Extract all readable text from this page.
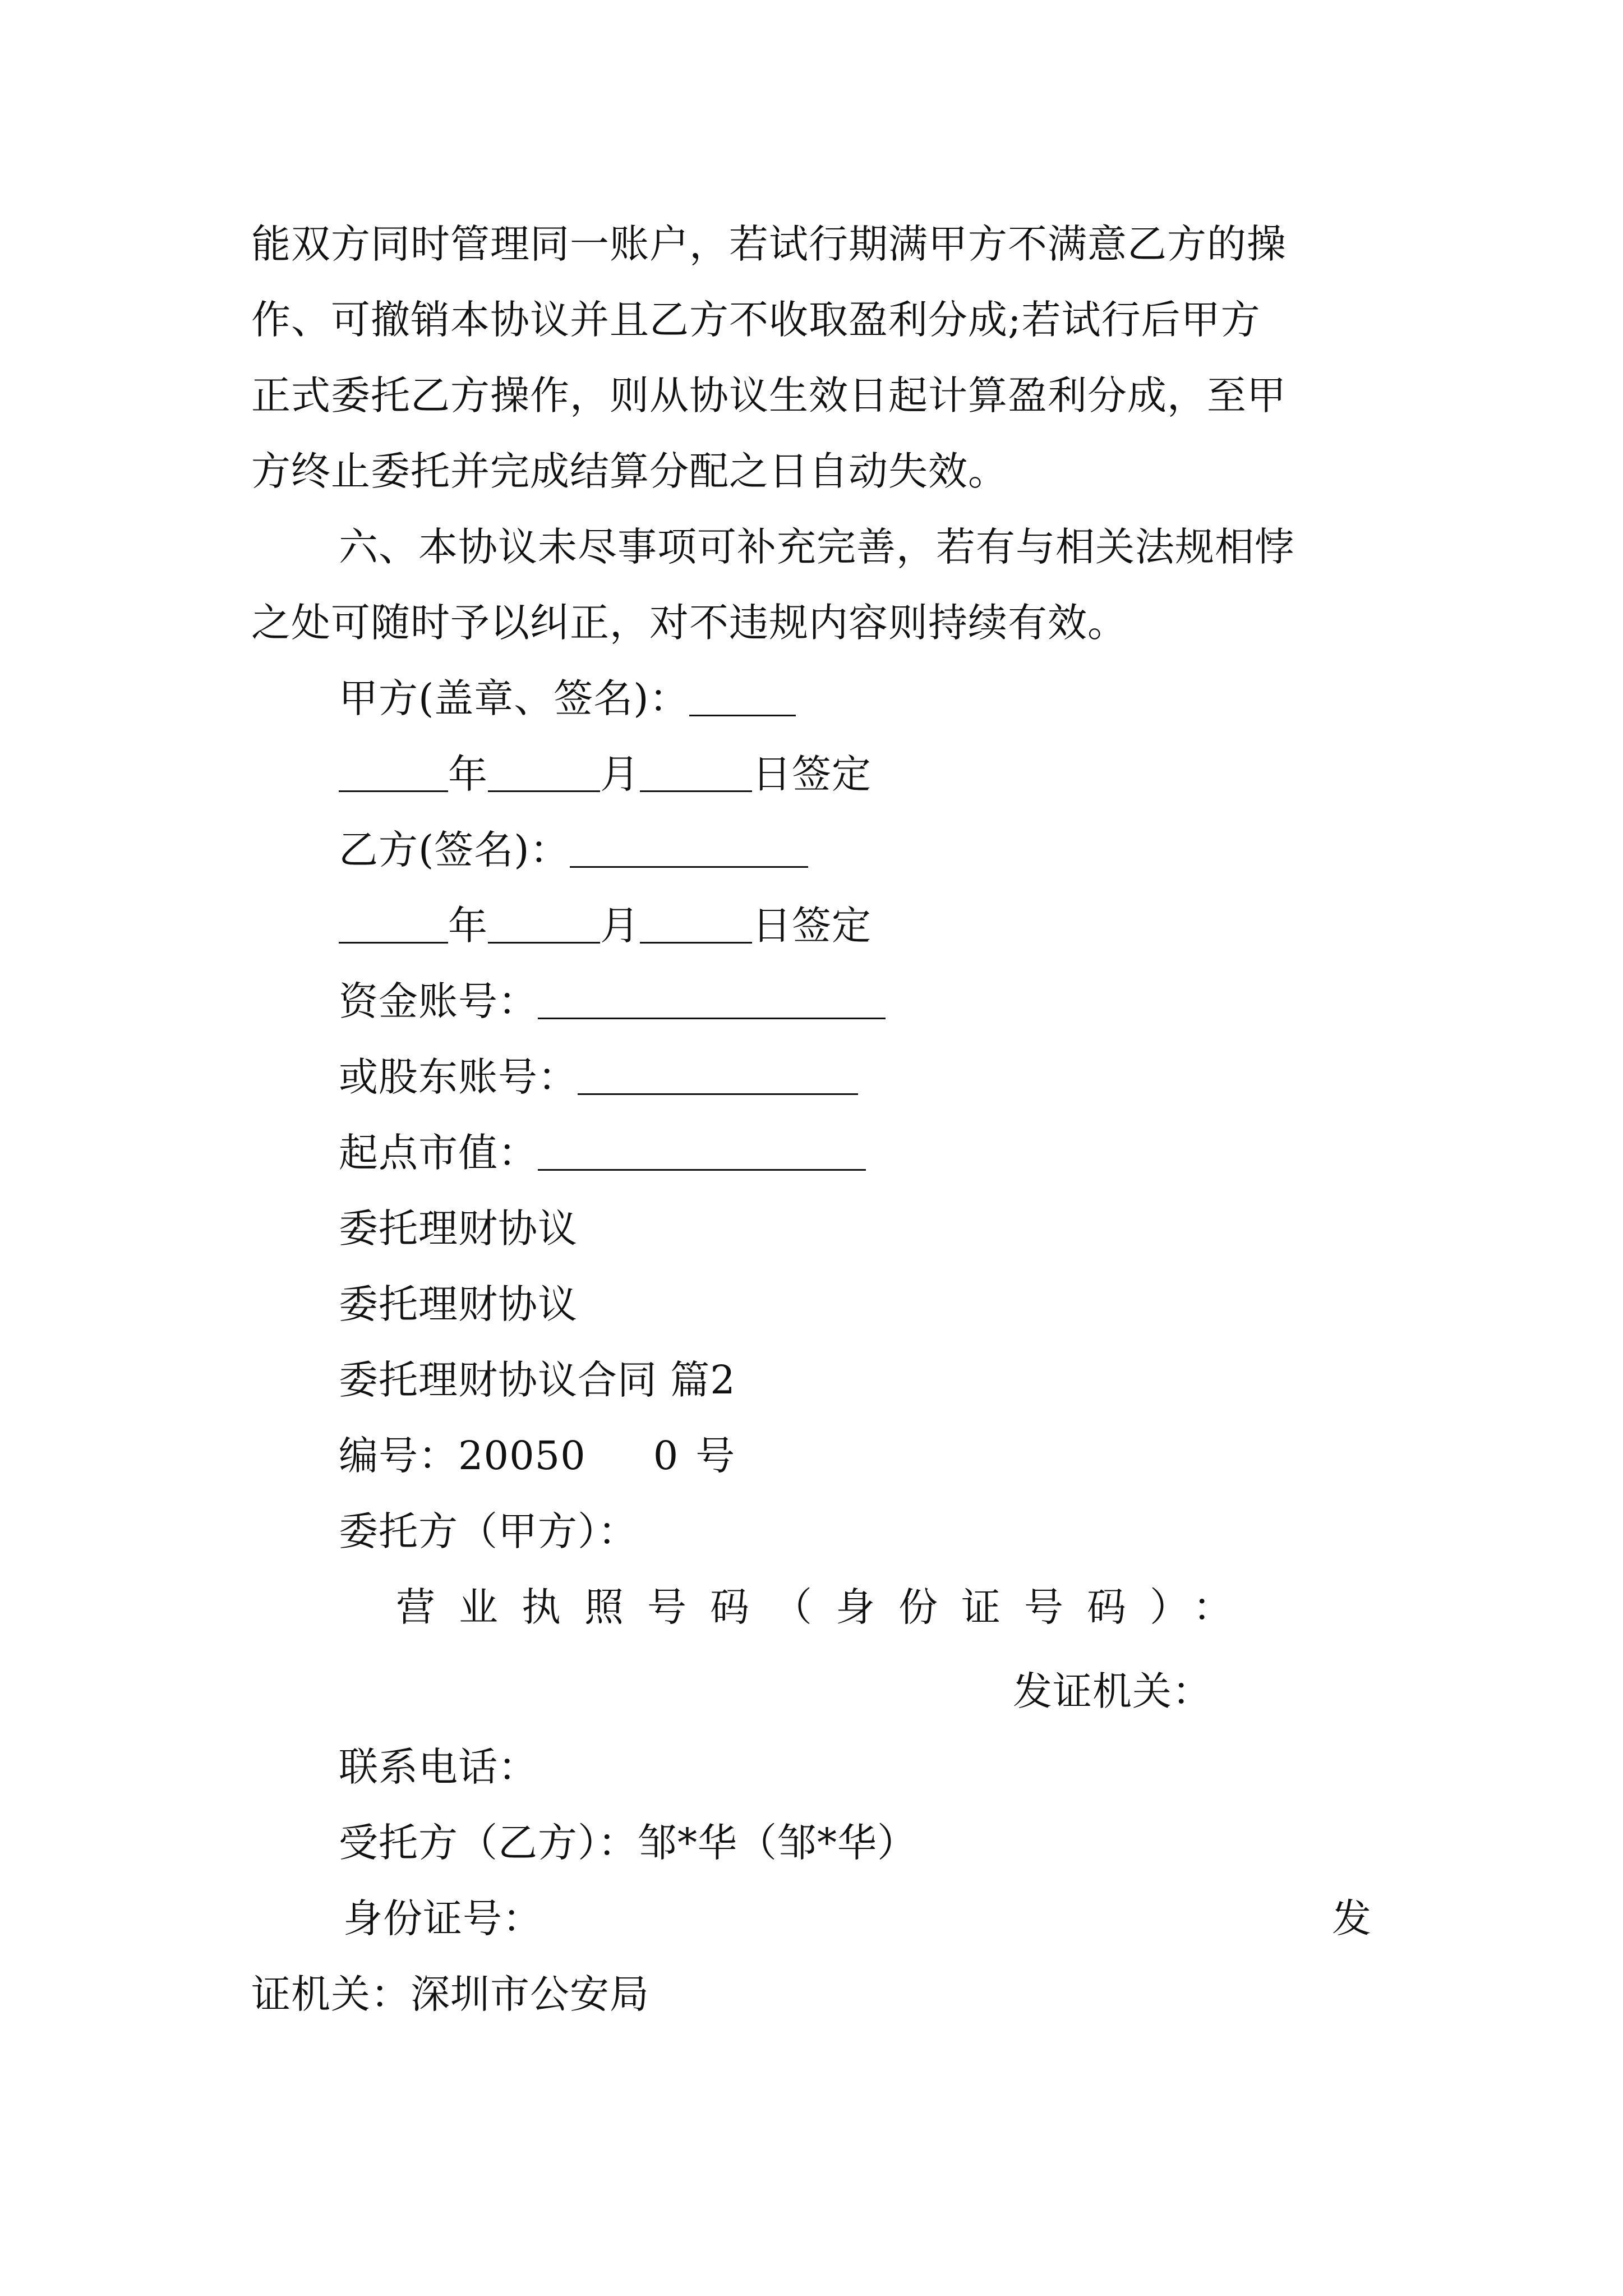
能双方同时管理同一账户，若试行期满甲方不满意乙方的操
作、可撤销本协议并且乙方不收取盈利分成;若试行后甲方
正式委托乙方操作，则从协议生效日起计算盈利分成，至甲
方终止委托并完成结算分配之日自动失效。
六、本协议未尽事项可补充完善，若有与相关法规相悖
之处可随时予以纠正，对不违规内容则持续有效。
甲方(盖章、签名)：
年	月	日签定
乙方(签名)：
年	月	日签定
资金账号：
或股东账号：
起点市值：
委托理财协议
委托理财协议
委托理财协议合同 篇2
编号：20050 0 号
委托方（甲方）：
营业执照号码（身份证号码）：
发证机关：
联系电话：
受托方（乙方）：邹*华（邹*华）
身份证号：	发
证机关：深圳市公安局
